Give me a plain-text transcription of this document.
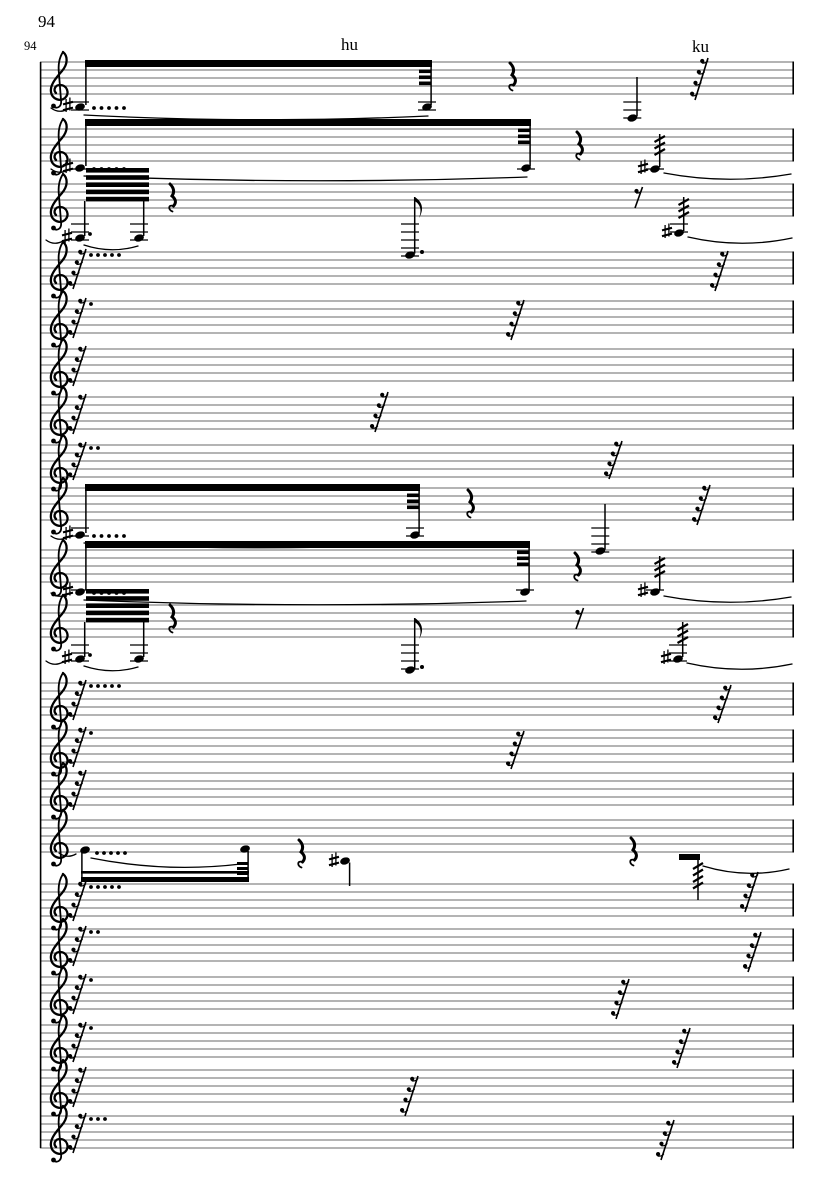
94
94	hu	ku
